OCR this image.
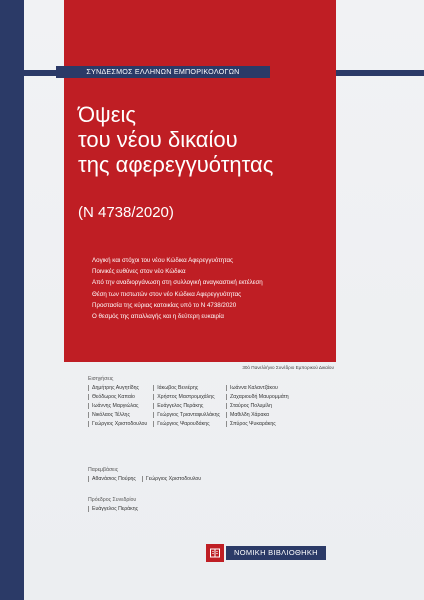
ΣΥΝΔΕΣΜΟΣ ΕΛΛΗΝΩΝ ΕΜΠΟΡΙΚΟΛΟΓΩΝ
Όψεις
του νέου δικαίου
της αφερεγγυότητας
(Ν 4738/2020)
Λογική και στόχοι του νέου Κώδικα Αφερεγγυότητας
Ποινικές ευθύνες στον νέο Κώδικα
Από την αναδιοργάνωση στη συλλογική αναγκαστική εκτέλεση
Θέση των πιστωτών στον νέο Κώδικα Αφερεγγυότητας
Προστασία της κύριας κατοικίας υπό το Ν 4738/2020
Ο θεσμός της απαλλαγής και η δεύτερη ευκαιρία
30ό Πανελλήνιο Συνέδριο Εμπορικού Δικαίου
Εισηγήσεις
Δημήτρης Αυγητίδης	Ιάκωβος Βενιέρης	Ιωάννα Καλαντζάκου
Θεόδωρος Καπαίο	Χρήστος Μαστρομιχάλης	Ζαχαριουδή Μαυρομμάτη
Ιωάννης Μαργιώλας	Ευάγγελος Περάκης	Σταύρος Πολυμίλη
Νικόλαος Τέλλης	Γεώργιος Τριανταφυλλάκης	Μαθιλδη Χάρακα
Γεώργιος Χριστοδουλου	Γεώργιος Ψαρουδάκης	Σπύρος Ψυκαράκης
Παρεμβάσεις
Αθανάσιος Πούρης	Γεώργιος Χριστοδουλου
Πρόεδρος Συνεδρίου
Ευάγγελος Περάκης
ΝΟΜΙΚΗ ΒΙΒΛΙΟΘΗΚΗ
